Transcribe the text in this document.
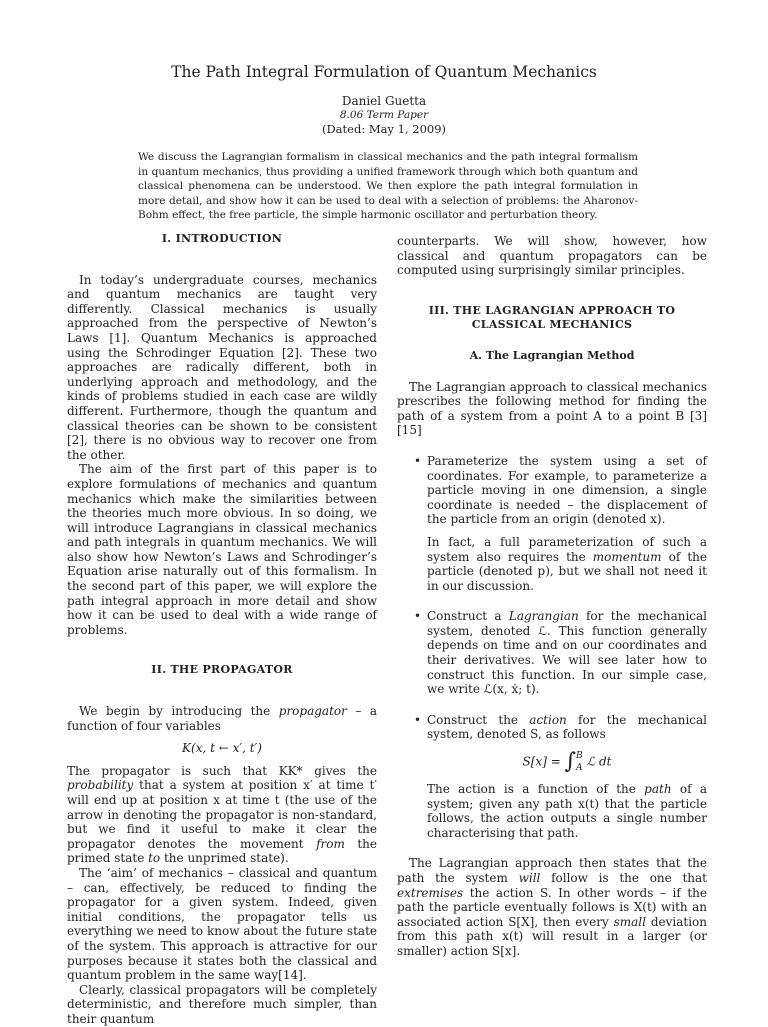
The Path Integral Formulation of Quantum Mechanics
Daniel Guetta
8.06 Term Paper
(Dated: May 1, 2009)
We discuss the Lagrangian formalism in classical mechanics and the path integral formalism in quantum mechanics, thus providing a unified framework through which both quantum and classical phenomena can be understood. We then explore the path integral formulation in more detail, and show how it can be used to deal with a selection of problems: the Aharonov-Bohm effect, the free particle, the simple harmonic oscillator and perturbation theory.
I. INTRODUCTION

In today’s undergraduate courses, mechanics and quantum mechanics are taught very differently. Classical mechanics is usually approached from the perspective of Newton’s Laws [1]. Quantum Mechanics is approached using the Schrodinger Equation [2]. These two approaches are radically different, both in underlying approach and methodology, and the kinds of problems studied in each case are wildly different. Furthermore, though the quantum and classical theories can be shown to be consistent [2], there is no obvious way to recover one from the other.

The aim of the first part of this paper is to explore formulations of mechanics and quantum mechanics which make the similarities between the theories much more obvious. In so doing, we will introduce Lagrangians in classical mechanics and path integrals in quantum mechanics. We will also show how Newton’s Laws and Schrodinger’s Equation arise naturally out of this formalism. In the second part of this paper, we will explore the path integral approach in more detail and show how it can be used to deal with a wide range of problems.

II. THE PROPAGATOR

We begin by introducing the propagator – a function of four variables

K(x, t ← x′, t′)

The propagator is such that KK* gives the probability that a system at position x′ at time t′ will end up at position x at time t (the use of the arrow in denoting the propagator is non-standard, but we find it useful to make it clear the propagator denotes the movement from the primed state to the unprimed state).

The ‘aim’ of mechanics – classical and quantum – can, effectively, be reduced to finding the propagator for a given system. Indeed, given initial conditions, the propagator tells us everything we need to know about the future state of the system. This approach is attractive for our purposes because it states both the classical and quantum problem in the same way[14].

Clearly, classical propagators will be completely deterministic, and therefore much simpler, than their quantum

counterparts. We will show, however, how classical and quantum propagators can be computed using surprisingly similar principles.

III. THE LAGRANGIAN APPROACH TO
CLASSICAL MECHANICS
A. The Lagrangian Method

The Lagrangian approach to classical mechanics prescribes the following method for finding the path of a system from a point A to a point B [3][15]

• Parameterize the system using a set of coordinates. For example, to parameterize a particle moving in one dimension, a single coordinate is needed – the displacement of the particle from an origin (denoted x).

In fact, a full parameterization of such a system also requires the momentum of the particle (denoted p), but we shall not need it in our discussion.

• Construct a Lagrangian for the mechanical system, denoted ℒ. This function generally depends on time and on our coordinates and their derivatives. We will see later how to construct this function. In our simple case, we write ℒ(x, ẋ; t).

• Construct the action for the mechanical system, denoted S, as follows

S[x] = ∫ B
A ℒ dt

The action is a function of the path of a system; given any path x(t) that the particle follows, the action outputs a single number characterising that path.

The Lagrangian approach then states that the path the system will follow is the one that extremises the action S. In other words – if the path the particle eventually follows is X(t) with an associated action S[X], then every small deviation from this path x(t) will result in a larger (or smaller) action S[x].
